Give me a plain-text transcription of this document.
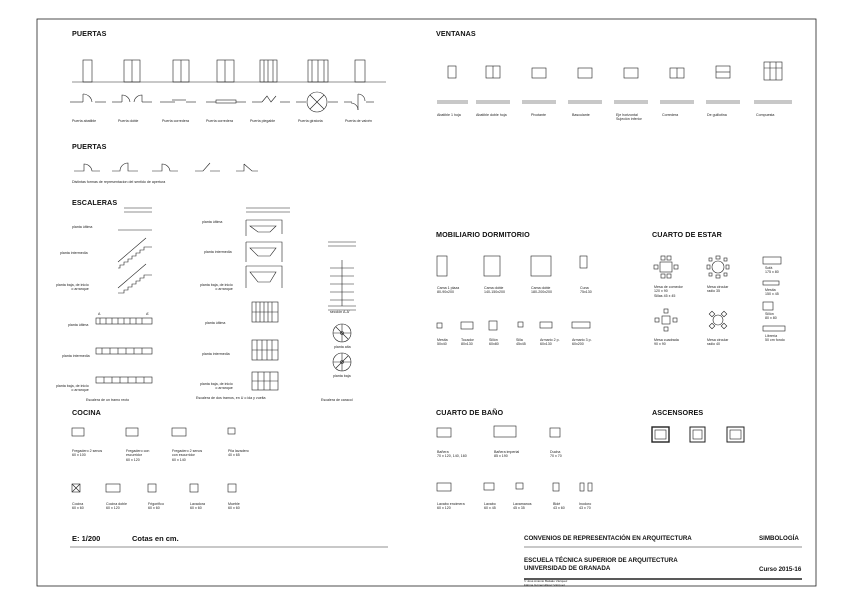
PUERTAS
PUERTAS
VENTANAS
ESCALERAS
COCINA
MOBILIARIO DORMITORIO	CUARTO DE ESTAR
CUARTO DE BAÑO	ASCENSORES
Puerta abatible	Puerta doble	Puerta corredera	Puerta corredera	Puerta plegable	Puerta giratoria	Puerta de vaivén
Distintas formas de representacion del sentido de apertura
Abatible 1 hoja	Abatible doble hoja	Pivotante	Basculante	Eje horizontal
Sujeción inferior
Corredera	De guillotina	Compuesta
planta última
planta intermedia
planta baja, de inicio
o arranque
planta última
planta intermedia
planta baja, de inicio
o arranque
Escalera de un tramo recto
planta última
planta intermedia
planta baja, de inicio
o arranque
planta última
planta intermedia
planta baja, de inicio
o arranque
Escalera de dos tramos, en U o ida y vuelta
sección A-A'
planta alta
planta baja
Escalera de caracol
A	A'
Fregadero 2 senos
60 x 100
Fregadero con
escurridor
60 x 120
Fregadero 2 senos
con escurridor
60 x 140
Pila lavadero
40 x 65
Cocina
60 x 60
Cocina doble
60 x 120
Frigorífico
60 x 60
Lavadora
60 x 60
Mueble
60 x 60
Cama 1 plaza
80-90x200
Cama doble
140-150x200
Cama doble
180-200x200
Cuna
75x130
Mesita
50x40
Tocador
80x130
Sillón
60x80
Silla
45x45
Armario 2 p.
60x130
Armario 3 p.
60x200
Mesa de comedor
120 x 90
Sillas 45 x 45
Mesa circular
radio 35
Mesa cuadrada
90 x 90
Mesa circular
radio 40
Sofá
175 x 80
Mesita
150 x 45
Sillón
80 x 80
Librería
50 cm fondo
Bañera
70 x 120, 140, 160
Bañera imperial
85 x 190
Ducha
70 x 70
Lavabo encimera
60 x 120
Lavabo
60 x 45
Lavamanos
45 x 35
Bidé
43 x 60
Inodoro
43 x 70
E: 1/200	Cotas en cm.	CONVENIOS DE REPRESENTACIÓN EN ARQUITECTURA	SIMBOLOGÍA
ESCUELA TÉCNICA SUPERIOR DE ARQUITECTURA
UNIVERSIDAD DE GRANADA	Curso 2015-16
© José Antonio Balsalo Vázquez
Fátima Gómez-Pérez Vázquez
